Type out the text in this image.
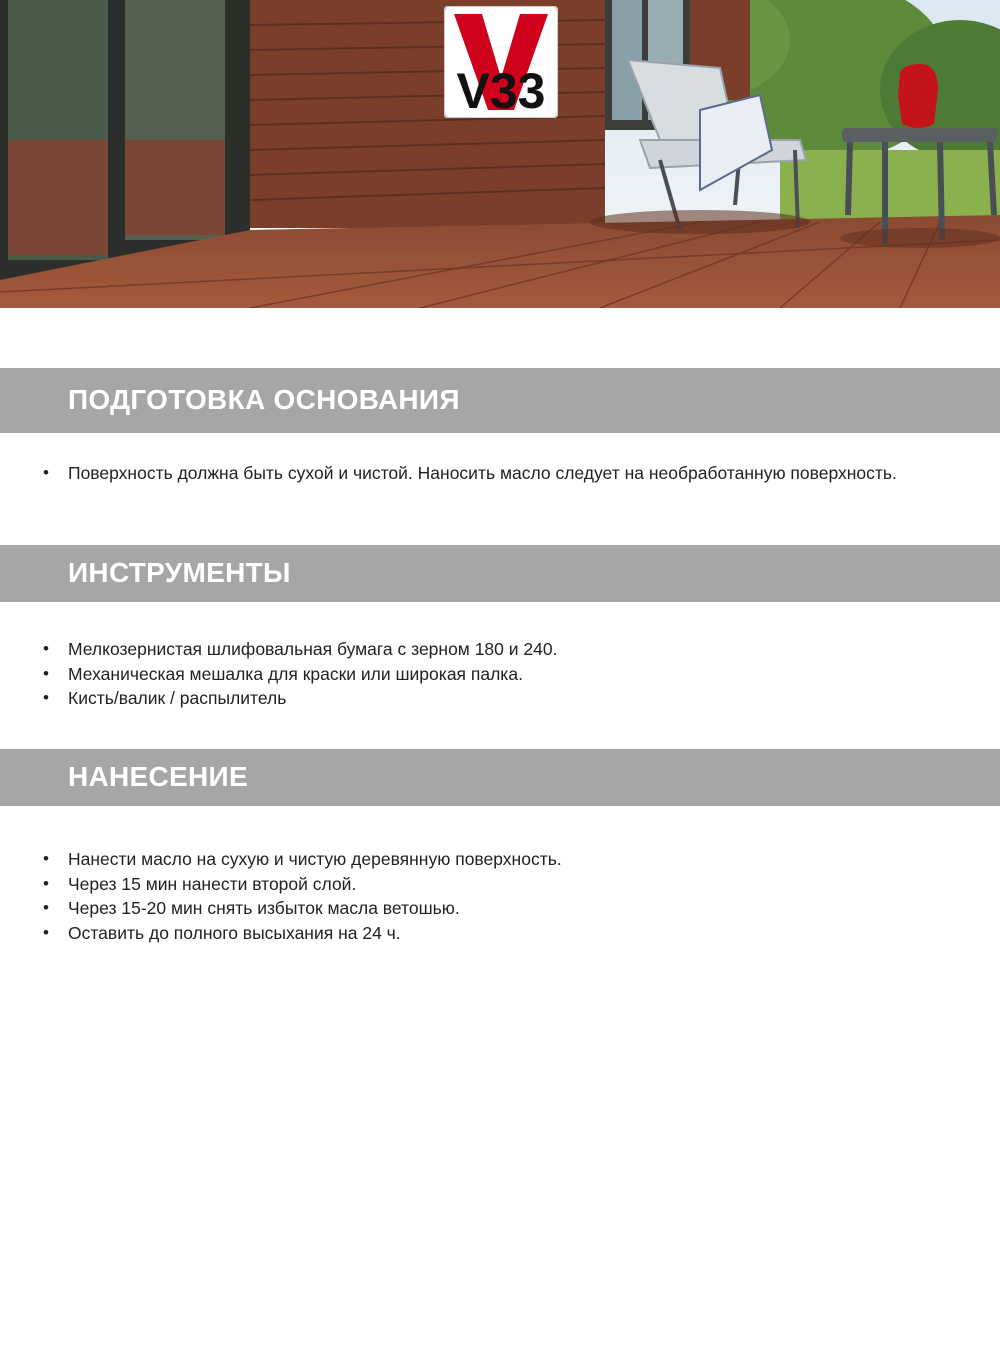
V33
ПОДГОТОВКА ОСНОВАНИЯ
• Поверхность должна быть сухой и чистой. Наносить масло следует на необработанную поверхность.
ИНСТРУМЕНТЫ
• Мелкозернистая шлифовальная бумага с зерном 180 и 240.
• Механическая мешалка для краски или широкая палка.
• Кисть/валик / распылитель
НАНЕСЕНИЕ
• Нанести масло на сухую и чистую деревянную поверхность.
• Через 15 мин нанести второй слой.
• Через 15-20 мин снять избыток масла ветошью.
• Оставить до полного высыхания на 24 ч.
